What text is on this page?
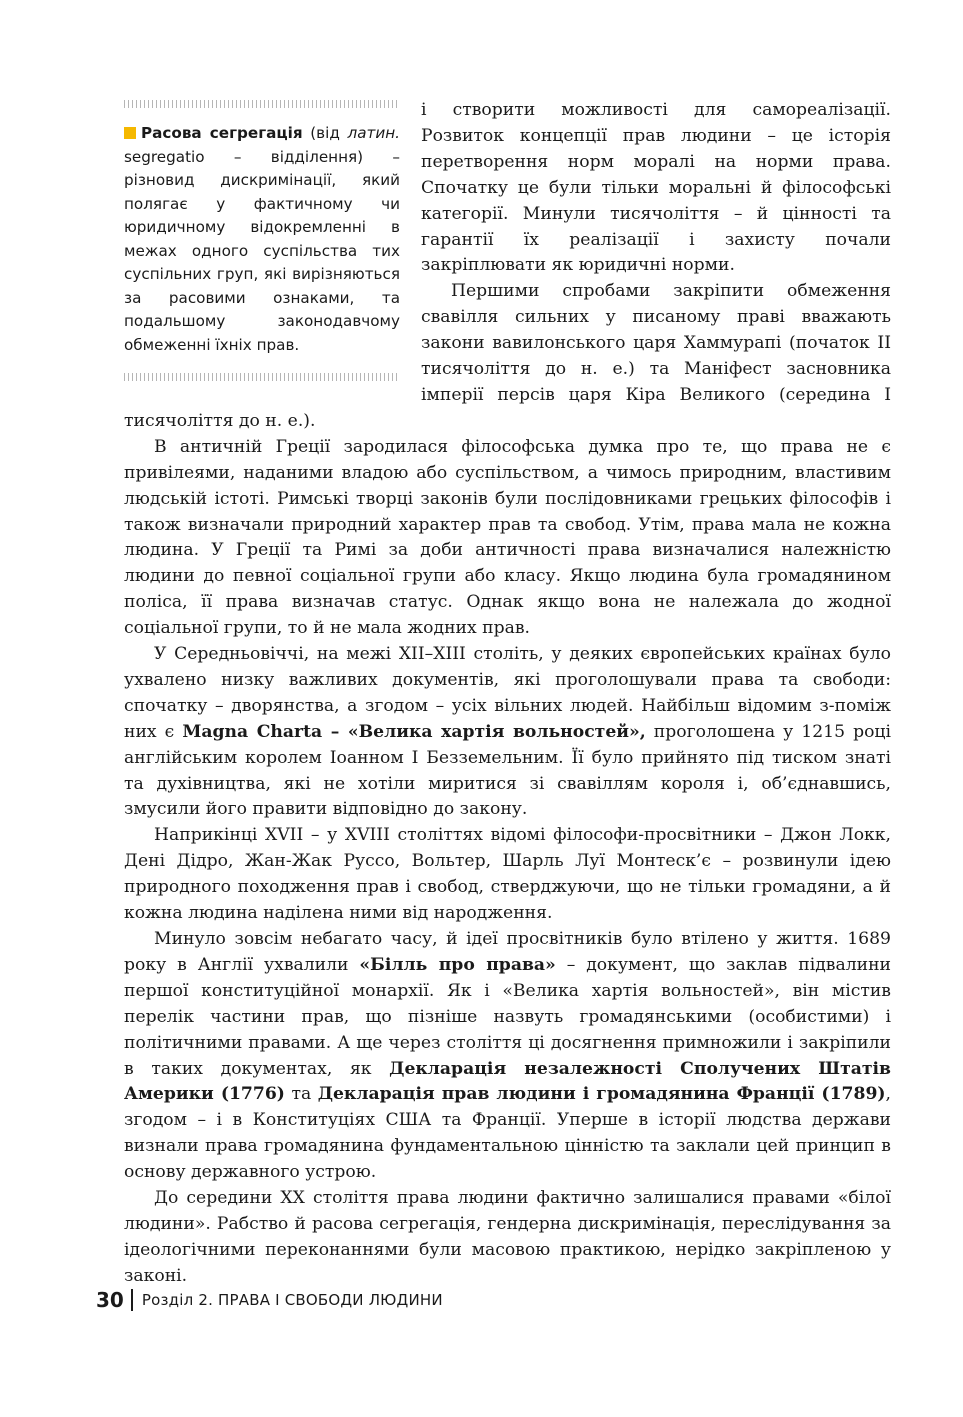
Расова сегрегація (від латин. segregatio – відділення) – різновид дискримінації, який полягає у фактичному чи юридичному відокремленні в межах одного суспільства тих суспільних груп, які вирізняються за расовими ознаками, та подальшому законодавчому обмеженні їхніх прав.

і створити можливості для самореалізації. Розвиток концепції прав людини – це історія перетворення норм моралі на норми права. Спочатку це були тільки моральні й філософські категорії. Минули тисячоліття – й цінності та гарантії їх реалізації і захисту почали закріплювати як юридичні норми.

Першими спробами закріпити обмеження свавілля сильних у писаному праві вважають закони вавилонського царя Хаммурапі (початок II тисячоліття до н. е.) та Маніфест засновника імперії персів царя Кіра Великого (середина I тисячоліття до н. е.).

В античній Греції зародилася філософська думка про те, що права не є привілеями, наданими владою або суспільством, а чимось природним, властивим людській істоті. Римські творці законів були послідовниками грецьких філософів і також визначали природний характер прав та свобод. Утім, права мала не кожна людина. У Греції та Римі за доби античності права визначалися належністю людини до певної соціальної групи або класу. Якщо людина була громадянином поліса, її права визначав статус. Однак якщо вона не належала до жодної соціальної групи, то й не мала жодних прав.

У Середньовіччі, на межі XII–XIII століть, у деяких європейських країнах було ухвалено низку важливих документів, які проголошували права та свободи: спочатку – дворянства, а згодом – усіх вільних людей. Найбільш відомим з-поміж них є Magna Charta – «Велика хартія вольностей», проголошена у 1215 році англійським королем Іоанном I Безземельним. Її було прийнято під тиском знаті та духівництва, які не хотіли миритися зі свавіллям короля і, об’єднавшись, змусили його правити відповідно до закону.

Наприкінці XVII – у XVIII століттях відомі філософи-просвітники – Джон Локк, Дені Дідро, Жан-Жак Руссо, Вольтер, Шарль Луї Монтеск’є – розвинули ідею природного походження прав і свобод, стверджуючи, що не тільки громадяни, а й кожна людина наділена ними від народження.

Минуло зовсім небагато часу, й ідеї просвітників було втілено у життя. 1689 року в Англії ухвалили «Білль про права» – документ, що заклав підвалини першої конституційної монархії. Як і «Велика хартія вольностей», він містив перелік частини прав, що пізніше назвуть громадянськими (особистими) і політичними правами. А ще через століття ці досягнення примножили і закріпили в таких документах, як Декларація незалежності Сполучених Штатів Америки (1776) та Декларація прав людини і громадянина Франції (1789), згодом – і в Конституціях США та Франції. Уперше в історії людства держави визнали права громадянина фундаментальною цінністю та заклали цей принцип в основу державного устрою.

До середини XX століття права людини фактично залишалися правами «білої людини». Рабство й расова сегрегація, гендерна дискримінація, переслідування за ідеологічними переконаннями були масовою практикою, нерідко закріпленою у законі.

30 Розділ 2. ПРАВА І СВОБОДИ ЛЮДИНИ
